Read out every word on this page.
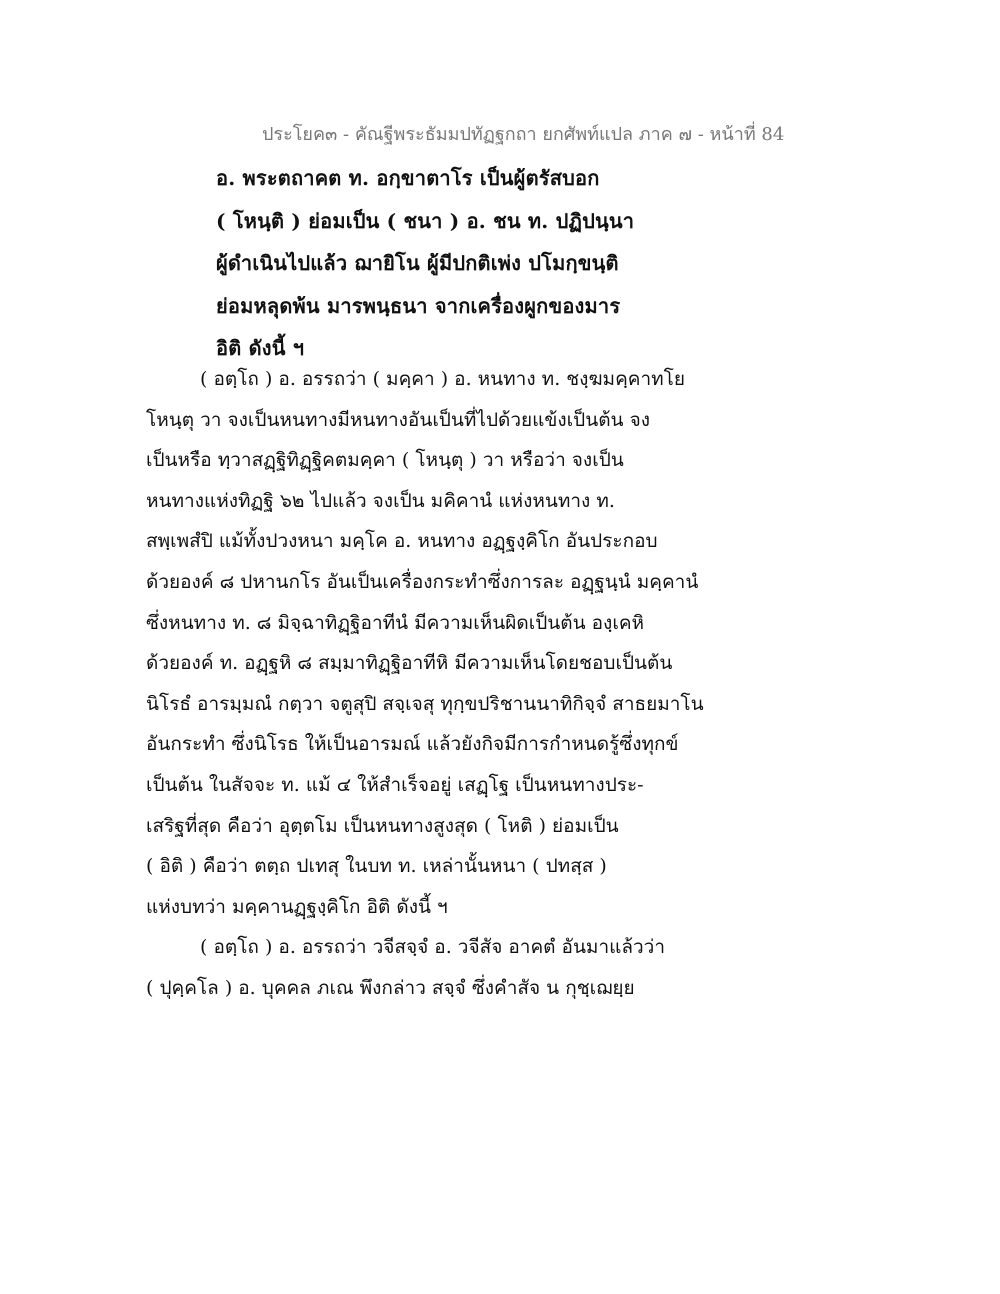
ประโยค๓ - คัณฐีพระธัมมปทัฏฐกถา ยกศัพท์แปล ภาค ๗ - หน้าที่ 84
อ. พระตถาคต ท. อกฺขาตาโร เป็นผู้ตรัสบอก
( โหนฺติ ) ย่อมเป็น ( ชนา ) อ. ชน ท. ปฏิปนฺนา
ผู้ดำเนินไปแล้ว ฌายิโน ผู้มีปกติเพ่ง ปโมกฺขนฺติ
ย่อมหลุดพ้น มารพนฺธนา จากเครื่องผูกของมาร
อิติ ดังนี้ ฯ
( อตฺโถ ) อ. อรรถว่า ( มคฺคา ) อ. หนทาง ท. ชงฺฆมคฺคาทโย
โหนฺตุ วา จงเป็นหนทางมีหนทางอันเป็นที่ไปด้วยแข้งเป็นต้น จง
เป็นหรือ ทฺวาสฏฺฐิทิฏฺฐิคตมคฺคา ( โหนฺตุ ) วา หรือว่า จงเป็น
หนทางแห่งทิฏฐิ ๖๒ ไปแล้ว จงเป็น มคิคานํ แห่งหนทาง ท.
สพฺเพสํปิ แม้ทั้งปวงหนา มคฺโค อ. หนทาง อฏฺฐงฺคิโก อันประกอบ
ด้วยองค์ ๘ ปหานกโร อันเป็นเครื่องกระทำซึ่งการละ อฏฺฐนฺนํ มคฺคานํ
ซึ่งหนทาง ท. ๘ มิจฺฉาทิฏฺฐิอาทีนํ มีความเห็นผิดเป็นต้น องฺเคหิ
ด้วยองค์ ท. อฏฺฐหิ ๘ สมฺมาทิฏฺฐิอาทีหิ มีความเห็นโดยชอบเป็นต้น
นิโรธํ อารมฺมณํ กตฺวา จตูสุปิ สจฺเจสุ ทุกฺขปริชานนาทิกิจฺจํ สาธยมาโน
อันกระทำ ซึ่งนิโรธ ให้เป็นอารมณ์ แล้วยังกิจมีการกำหนดรู้ซึ่งทุกข์
เป็นต้น ในสัจจะ ท. แม้ ๔ ให้สำเร็จอยู่ เสฏฺโฐ เป็นหนทางประ-
เสริฐที่สุด คือว่า อุตฺตโม เป็นหนทางสูงสุด ( โหติ ) ย่อมเป็น
( อิติ ) คือว่า ตตฺถ ปเทสุ ในบท ท. เหล่านั้นหนา ( ปทสฺส )
แห่งบทว่า มคฺคานฏฺฐงฺคิโก อิติ ดังนี้ ฯ
( อตฺโถ ) อ. อรรถว่า วจีสจฺจํ อ. วจีสัจ อาคตํ อันมาแล้วว่า
( ปุคฺคโล ) อ. บุคคล ภเณ พึงกล่าว สจฺจํ ซึ่งคำสัจ น กุชฺเฌยฺย
